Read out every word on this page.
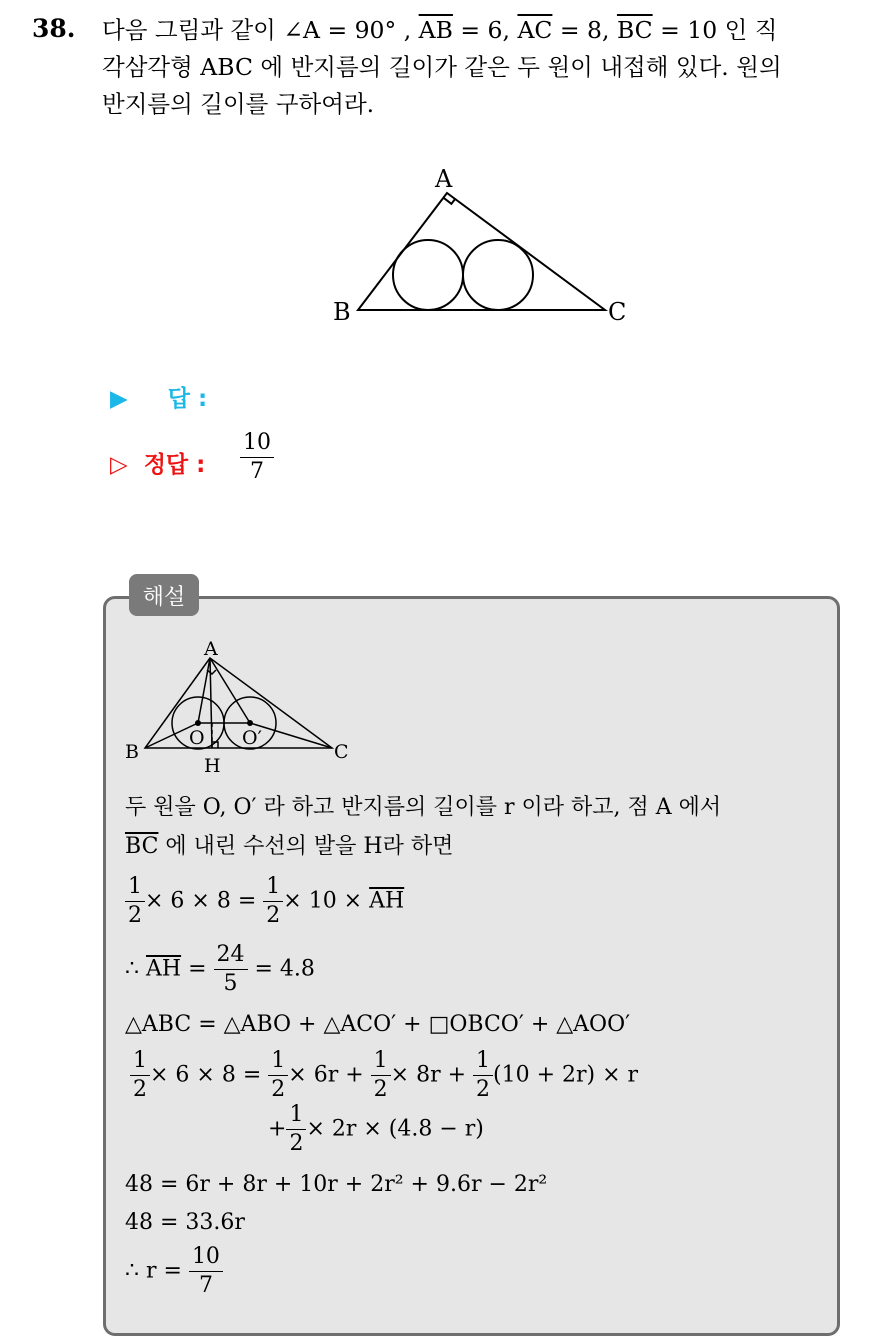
38. 다음 그림과 같이 ∠A = 90° , $\overline{AB} = 6$, $\overline{AC} = 8$, $\overline{BC} = 10$ 인 직
각삼각형 ABC 에 반지름의 길이가 같은 두 원이 내접해 있다. 원의
반지름의 길이를 구하여라.
A
B	C
▶ 답 :
▷ 정답 : $\frac{10}{7}$
해설
A
B	C
O O′
H
두 원을 O, O′ 라 하고 반지름의 길이를 r 이라 하고, 점 A 에서
$\overline{BC}$ 에 내린 수선의 발을 H라 하면
$\frac{1}{2} \times 6 \times 8 = \frac{1}{2} \times 10 \times \overline{AH}$
∴ $\overline{AH} = \frac{24}{5} = 4.8$
△ABC = △ABO + △ACO′ + □OBCO′ + △AOO′
$\frac{1}{2} \times 6 \times 8 = \frac{1}{2} \times 6r + \frac{1}{2} \times 8r + \frac{1}{2} (10 + 2r) \times r$
+ $\frac{1}{2} \times 2r \times (4.8 - r)$
48 = 6r + 8r + 10r + 2r² + 9.6r − 2r²
48 = 33.6r
∴ $r = \frac{10}{7}$
